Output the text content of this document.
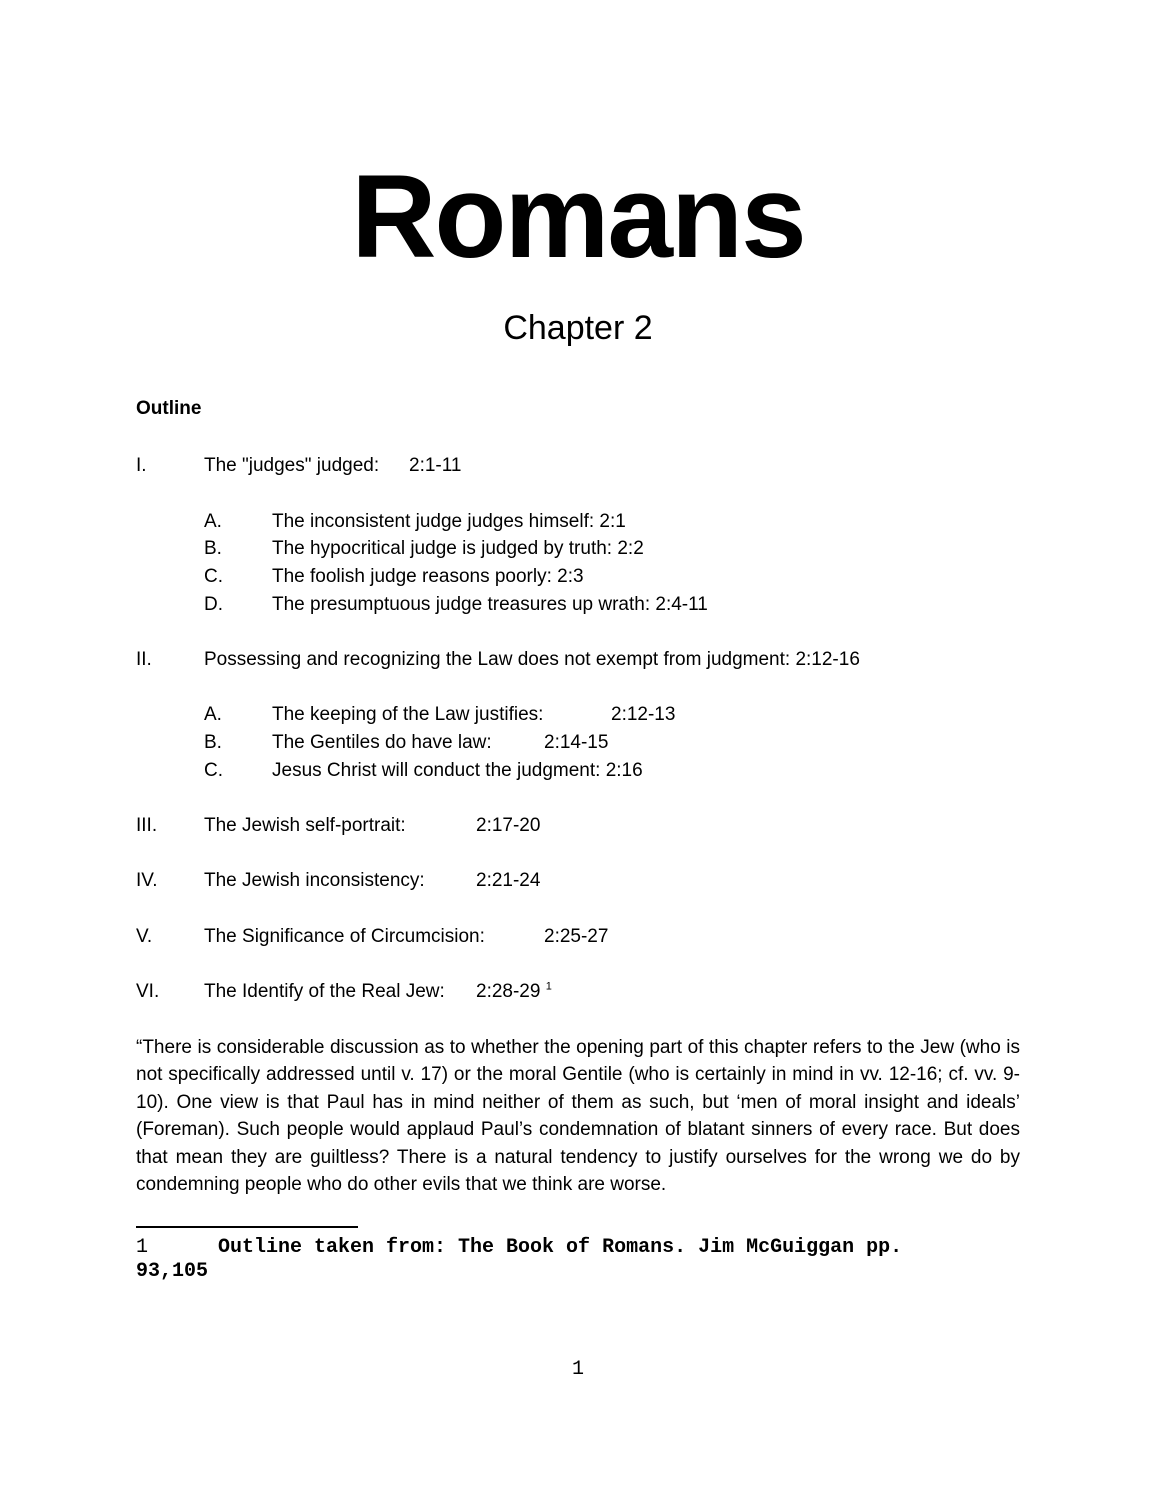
Romans
Chapter 2
Outline
I.	The "judges" judged: 2:1-11
A.	The inconsistent judge judges himself: 2:1
B.	The hypocritical judge is judged by truth: 2:2
C.	The foolish judge reasons poorly: 2:3
D.	The presumptuous judge treasures up wrath: 2:4-11
II.	Possessing and recognizing the Law does not exempt from judgment: 2:12-16
A.	The keeping of the Law justifies:	2:12-13
B.	The Gentiles do have law:	2:14-15
C.	Jesus Christ will conduct the judgment: 2:16
III. The Jewish self-portrait:	2:17-20
IV. The Jewish inconsistency:	2:21-24
V.	The Significance of Circumcision:	2:25-27
VI. The Identify of the Real Jew: 2:28-29 $^1$
“There is considerable discussion as to whether the opening part of this chapter refers to the Jew (who is not specifically addressed until v. 17) or the moral Gentile (who is certainly in mind in vv. 12-16; cf. vv. 9-10). One view is that Paul has in mind neither of them as such, but ‘men of moral insight and ideals’ (Foreman). Such people would applaud Paul’s condemnation of blatant sinners of every race. But does that mean they are guiltless? There is a natural tendency to justify ourselves for the wrong we do by condemning people who do other evils that we think are worse.
1	Outline taken from: The Book of Romans. Jim McGuiggan pp.
93,105
1
